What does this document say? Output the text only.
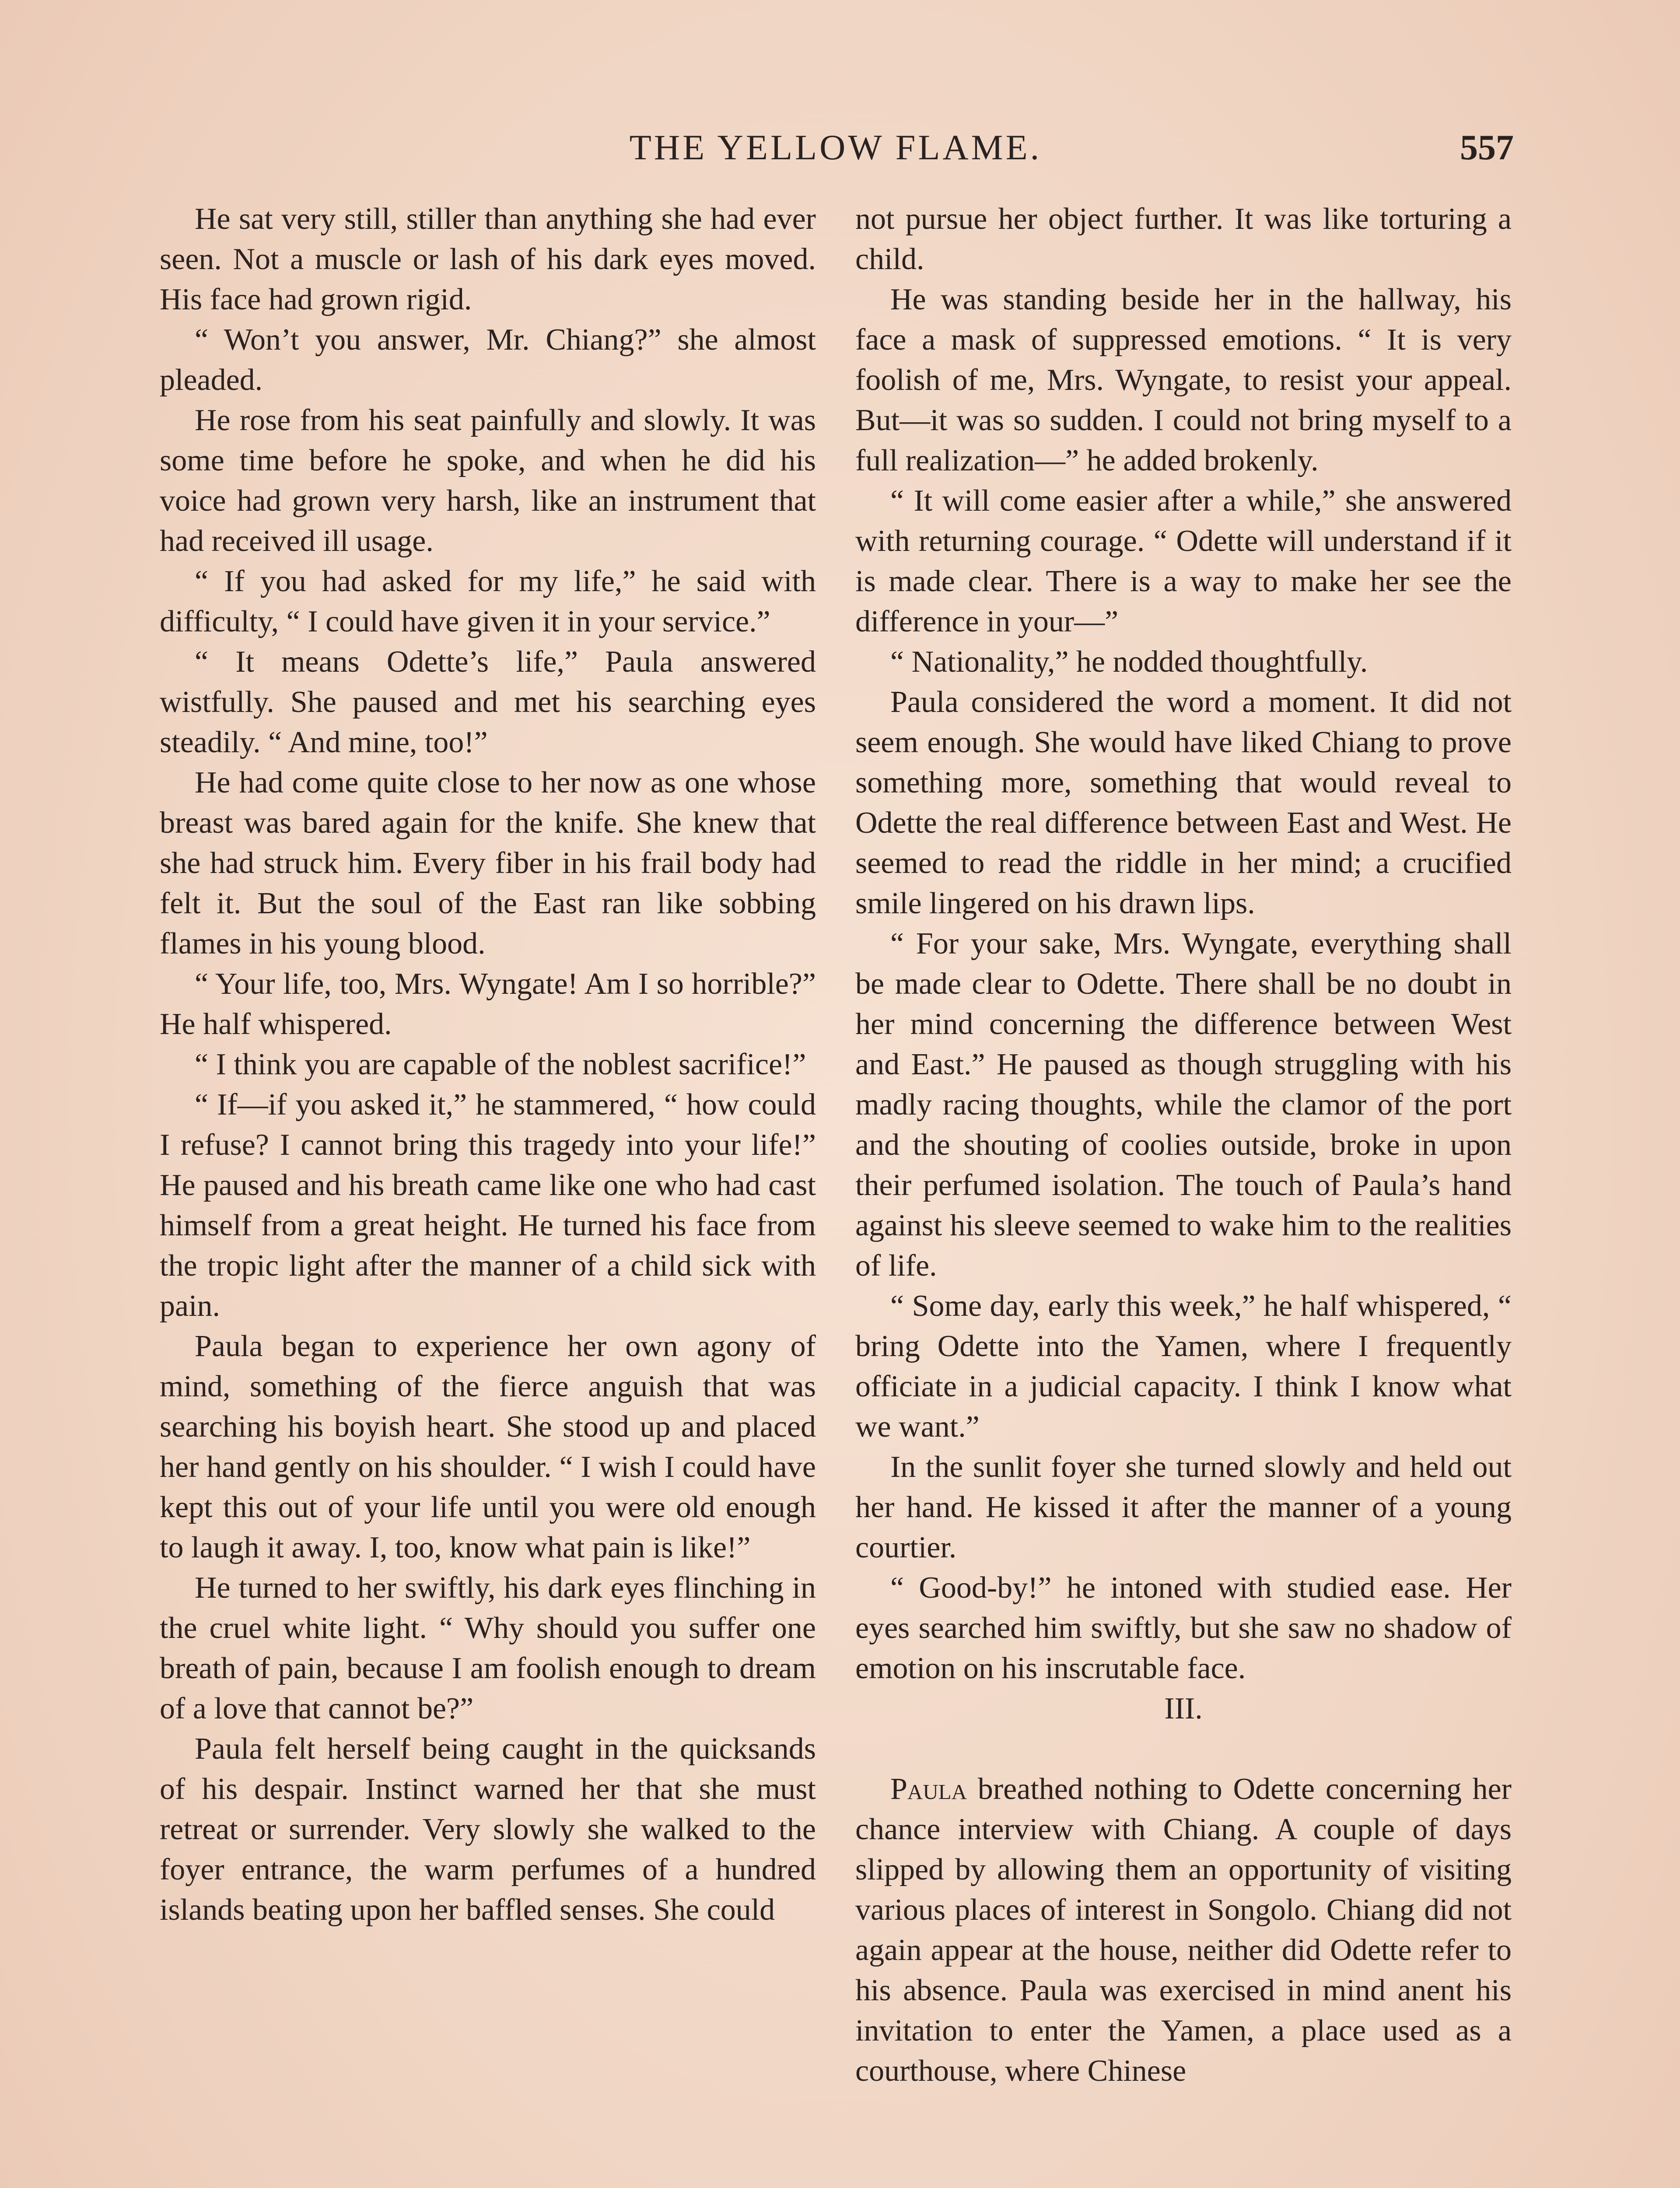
THE YELLOW FLAME.	557

He sat very still, stiller than anything she had ever seen. Not a muscle or lash of his dark eyes moved. His face had grown rigid.

“ Won’t you answer, Mr. Chiang?” she almost pleaded.

He rose from his seat painfully and slowly. It was some time before he spoke, and when he did his voice had grown very harsh, like an instrument that had received ill usage.

“ If you had asked for my life,” he said with difficulty, “ I could have given it in your service.”

“ It means Odette’s life,” Paula answered wistfully. She paused and met his searching eyes steadily. “ And mine, too!”

He had come quite close to her now as one whose breast was bared again for the knife. She knew that she had struck him. Every fiber in his frail body had felt it. But the soul of the East ran like sobbing flames in his young blood.

“ Your life, too, Mrs. Wyngate! Am I so horrible?” He half whispered.

“ I think you are capable of the noblest sacrifice!”

“ If—if you asked it,” he stammered, “ how could I refuse? I cannot bring this tragedy into your life!” He paused and his breath came like one who had cast himself from a great height. He turned his face from the tropic light after the manner of a child sick with pain.

Paula began to experience her own agony of mind, something of the fierce anguish that was searching his boyish heart. She stood up and placed her hand gently on his shoulder. “ I wish I could have kept this out of your life until you were old enough to laugh it away. I, too, know what pain is like!”

He turned to her swiftly, his dark eyes flinching in the cruel white light. “ Why should you suffer one breath of pain, because I am foolish enough to dream of a love that cannot be?”

Paula felt herself being caught in the quicksands of his despair. Instinct warned her that she must retreat or surrender. Very slowly she walked to the foyer entrance, the warm perfumes of a hundred islands beating upon her baffled senses. She could

not pursue her object further. It was like torturing a child.

He was standing beside her in the hallway, his face a mask of suppressed emotions. “ It is very foolish of me, Mrs. Wyngate, to resist your appeal. But—it was so sudden. I could not bring myself to a full realization—” he added brokenly.

“ It will come easier after a while,” she answered with returning courage. “ Odette will understand if it is made clear. There is a way to make her see the difference in your—”

“ Nationality,” he nodded thoughtfully.

Paula considered the word a moment. It did not seem enough. She would have liked Chiang to prove something more, something that would reveal to Odette the real difference between East and West. He seemed to read the riddle in her mind; a crucified smile lingered on his drawn lips.

“ For your sake, Mrs. Wyngate, everything shall be made clear to Odette. There shall be no doubt in her mind concerning the difference between West and East.” He paused as though struggling with his madly racing thoughts, while the clamor of the port and the shouting of coolies outside, broke in upon their perfumed isolation. The touch of Paula’s hand against his sleeve seemed to wake him to the realities of life.

“ Some day, early this week,” he half whispered, “ bring Odette into the Yamen, where I frequently officiate in a judicial capacity. I think I know what we want.”

In the sunlit foyer she turned slowly and held out her hand. He kissed it after the manner of a young courtier.

“ Good-by!” he intoned with studied ease. Her eyes searched him swiftly, but she saw no shadow of emotion on his inscrutable face.

III.

Paula breathed nothing to Odette concerning her chance interview with Chiang. A couple of days slipped by allowing them an opportunity of visiting various places of interest in Songolo. Chiang did not again appear at the house, neither did Odette refer to his absence. Paula was exercised in mind anent his invitation to enter the Yamen, a place used as a courthouse, where Chinese
